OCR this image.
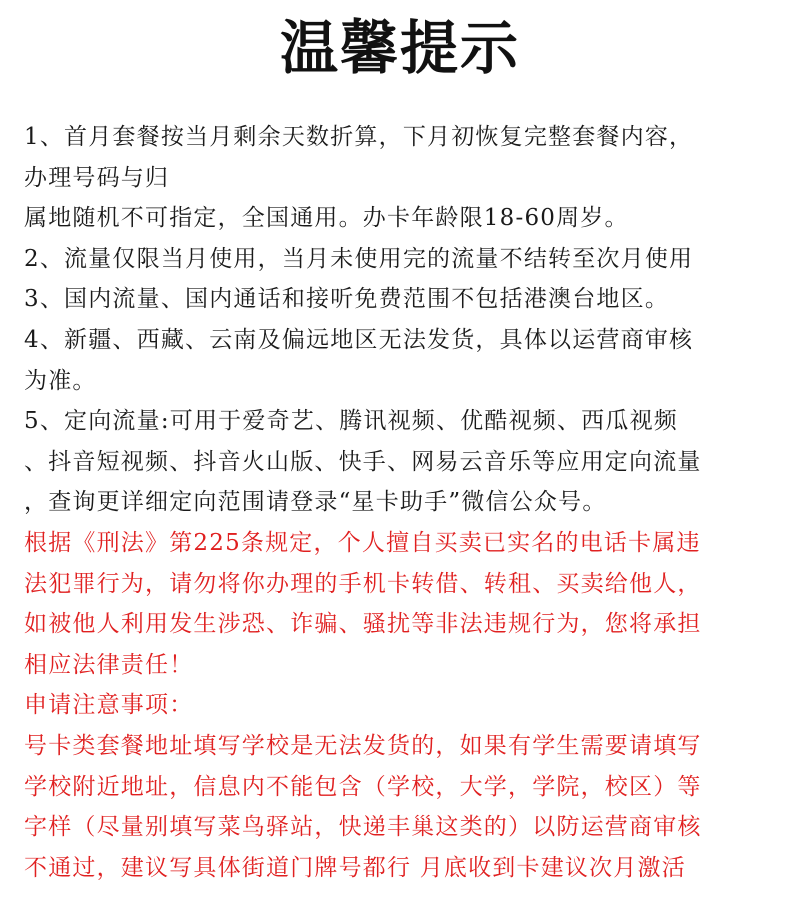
温馨提示
1、首月套餐按当月剩余天数折算，下月初恢复完整套餐内容，
办理号码与归
属地随机不可指定，全国通用。办卡年龄限18-60周岁。
2、流量仅限当月使用，当月未使用完的流量不结转至次月使用
3、国内流量、国内通话和接听免费范围不包括港澳台地区。
4、新疆、西藏、云南及偏远地区无法发货，具体以运营商审核
为准。
5、定向流量:可用于爱奇艺、腾讯视频、优酷视频、西瓜视频
、抖音短视频、抖音火山版、快手、网易云音乐等应用定向流量
，查询更详细定向范围请登录“星卡助手”微信公众号。
根据《刑法》第225条规定，个人擅自买卖已实名的电话卡属违
法犯罪行为，请勿将你办理的手机卡转借、转租、买卖给他人，
如被他人利用发生涉恐、诈骗、骚扰等非法违规行为，您将承担
相应法律责任！
申请注意事项：
号卡类套餐地址填写学校是无法发货的，如果有学生需要请填写
学校附近地址，信息内不能包含（学校，大学，学院，校区）等
字样（尽量别填写菜鸟驿站，快递丰巢这类的）以防运营商审核
不通过，建议写具体街道门牌号都行 月底收到卡建议次月激活
